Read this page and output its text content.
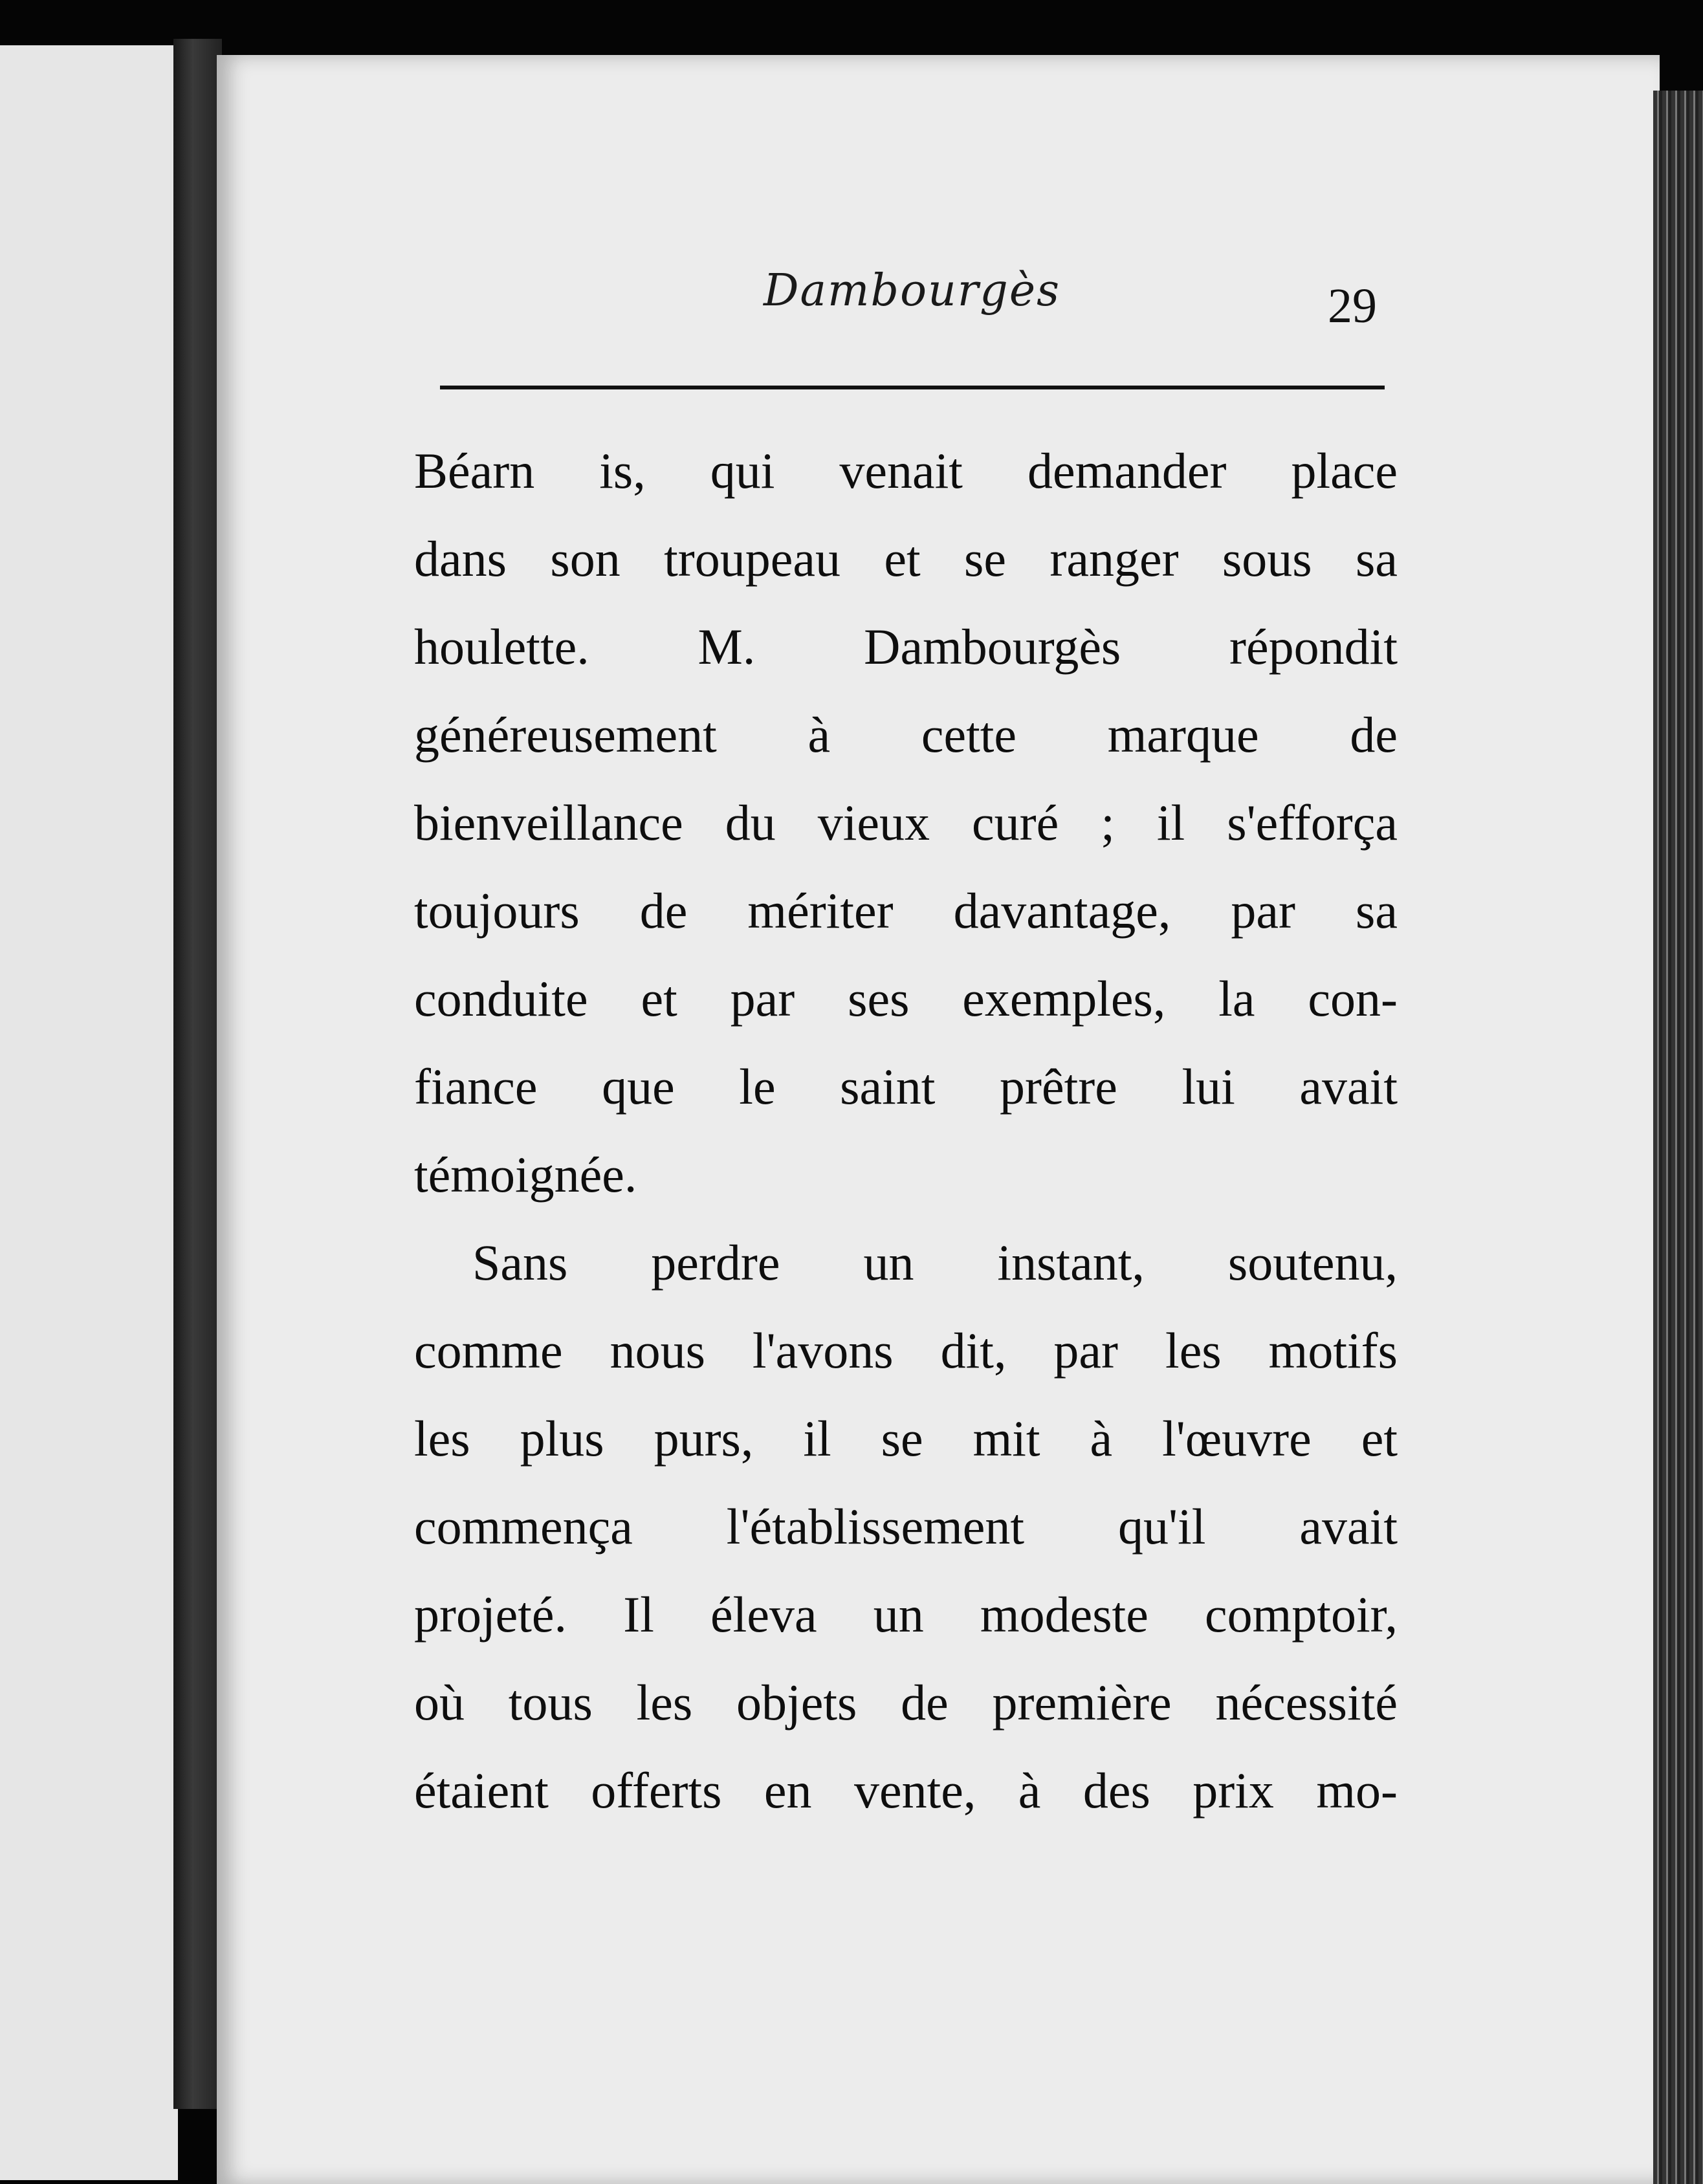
Dambourgès	29
Béarn is, qui venait demander place
dans son troupeau et se ranger sous sa
houlette. M. Dambourgès répondit
généreusement à cette marque de
bienveillance du vieux curé ; il s'efforça
toujours de mériter davantage, par sa
conduite et par ses exemples, la con-
fiance que le saint prêtre lui avait
témoignée.
Sans perdre un instant, soutenu,
comme nous l'avons dit, par les motifs
les plus purs, il se mit à l'œuvre et
commença l'établissement qu'il avait
projeté. Il éleva un modeste comptoir,
où tous les objets de première nécessité
étaient offerts en vente, à des prix mo-
